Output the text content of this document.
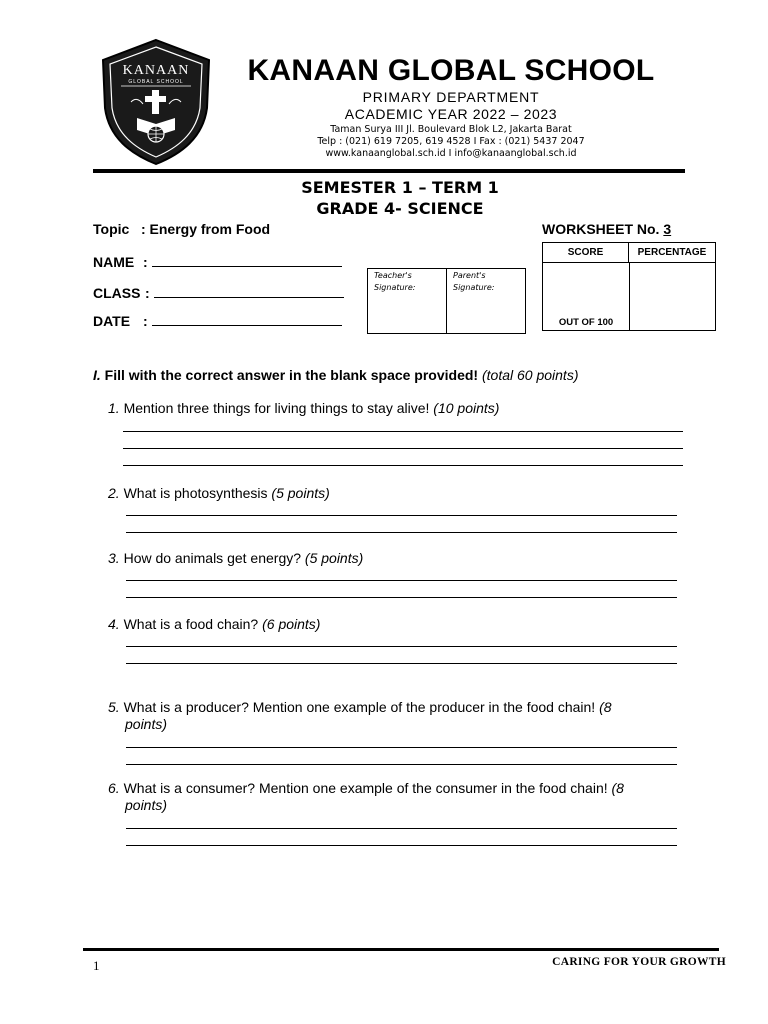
KANAAN
GLOBAL SCHOOL	KANAAN GLOBAL SCHOOL
PRIMARY DEPARTMENT
ACADEMIC YEAR 2022 – 2023
Taman Surya III Jl. Boulevard Blok L2, Jakarta Barat
Telp : (021) 619 7205, 619 4528 I Fax : (021) 5437 2047
www.kanaanglobal.sch.id I info@kanaanglobal.sch.id
SEMESTER 1 – TERM 1
GRADE 4- SCIENCE
Topic : Energy from Food
NAME :
CLASS :
DATE :
WORKSHEET No. 3
Teacher's Signature:
Parent's Signature:
SCORE	PERCENTAGE
OUT OF 100
I. Fill with the correct answer in the blank space provided! (total 60 points)
1. Mention three things for living things to stay alive! (10 points)
2. What is photosynthesis (5 points)
3. How do animals get energy? (5 points)
4. What is a food chain? (6 points)
5. What is a producer? Mention one example of the producer in the food chain! (8
points)
6. What is a consumer? Mention one example of the consumer in the food chain! (8
points)
1	CARING FOR YOUR GROWTH
